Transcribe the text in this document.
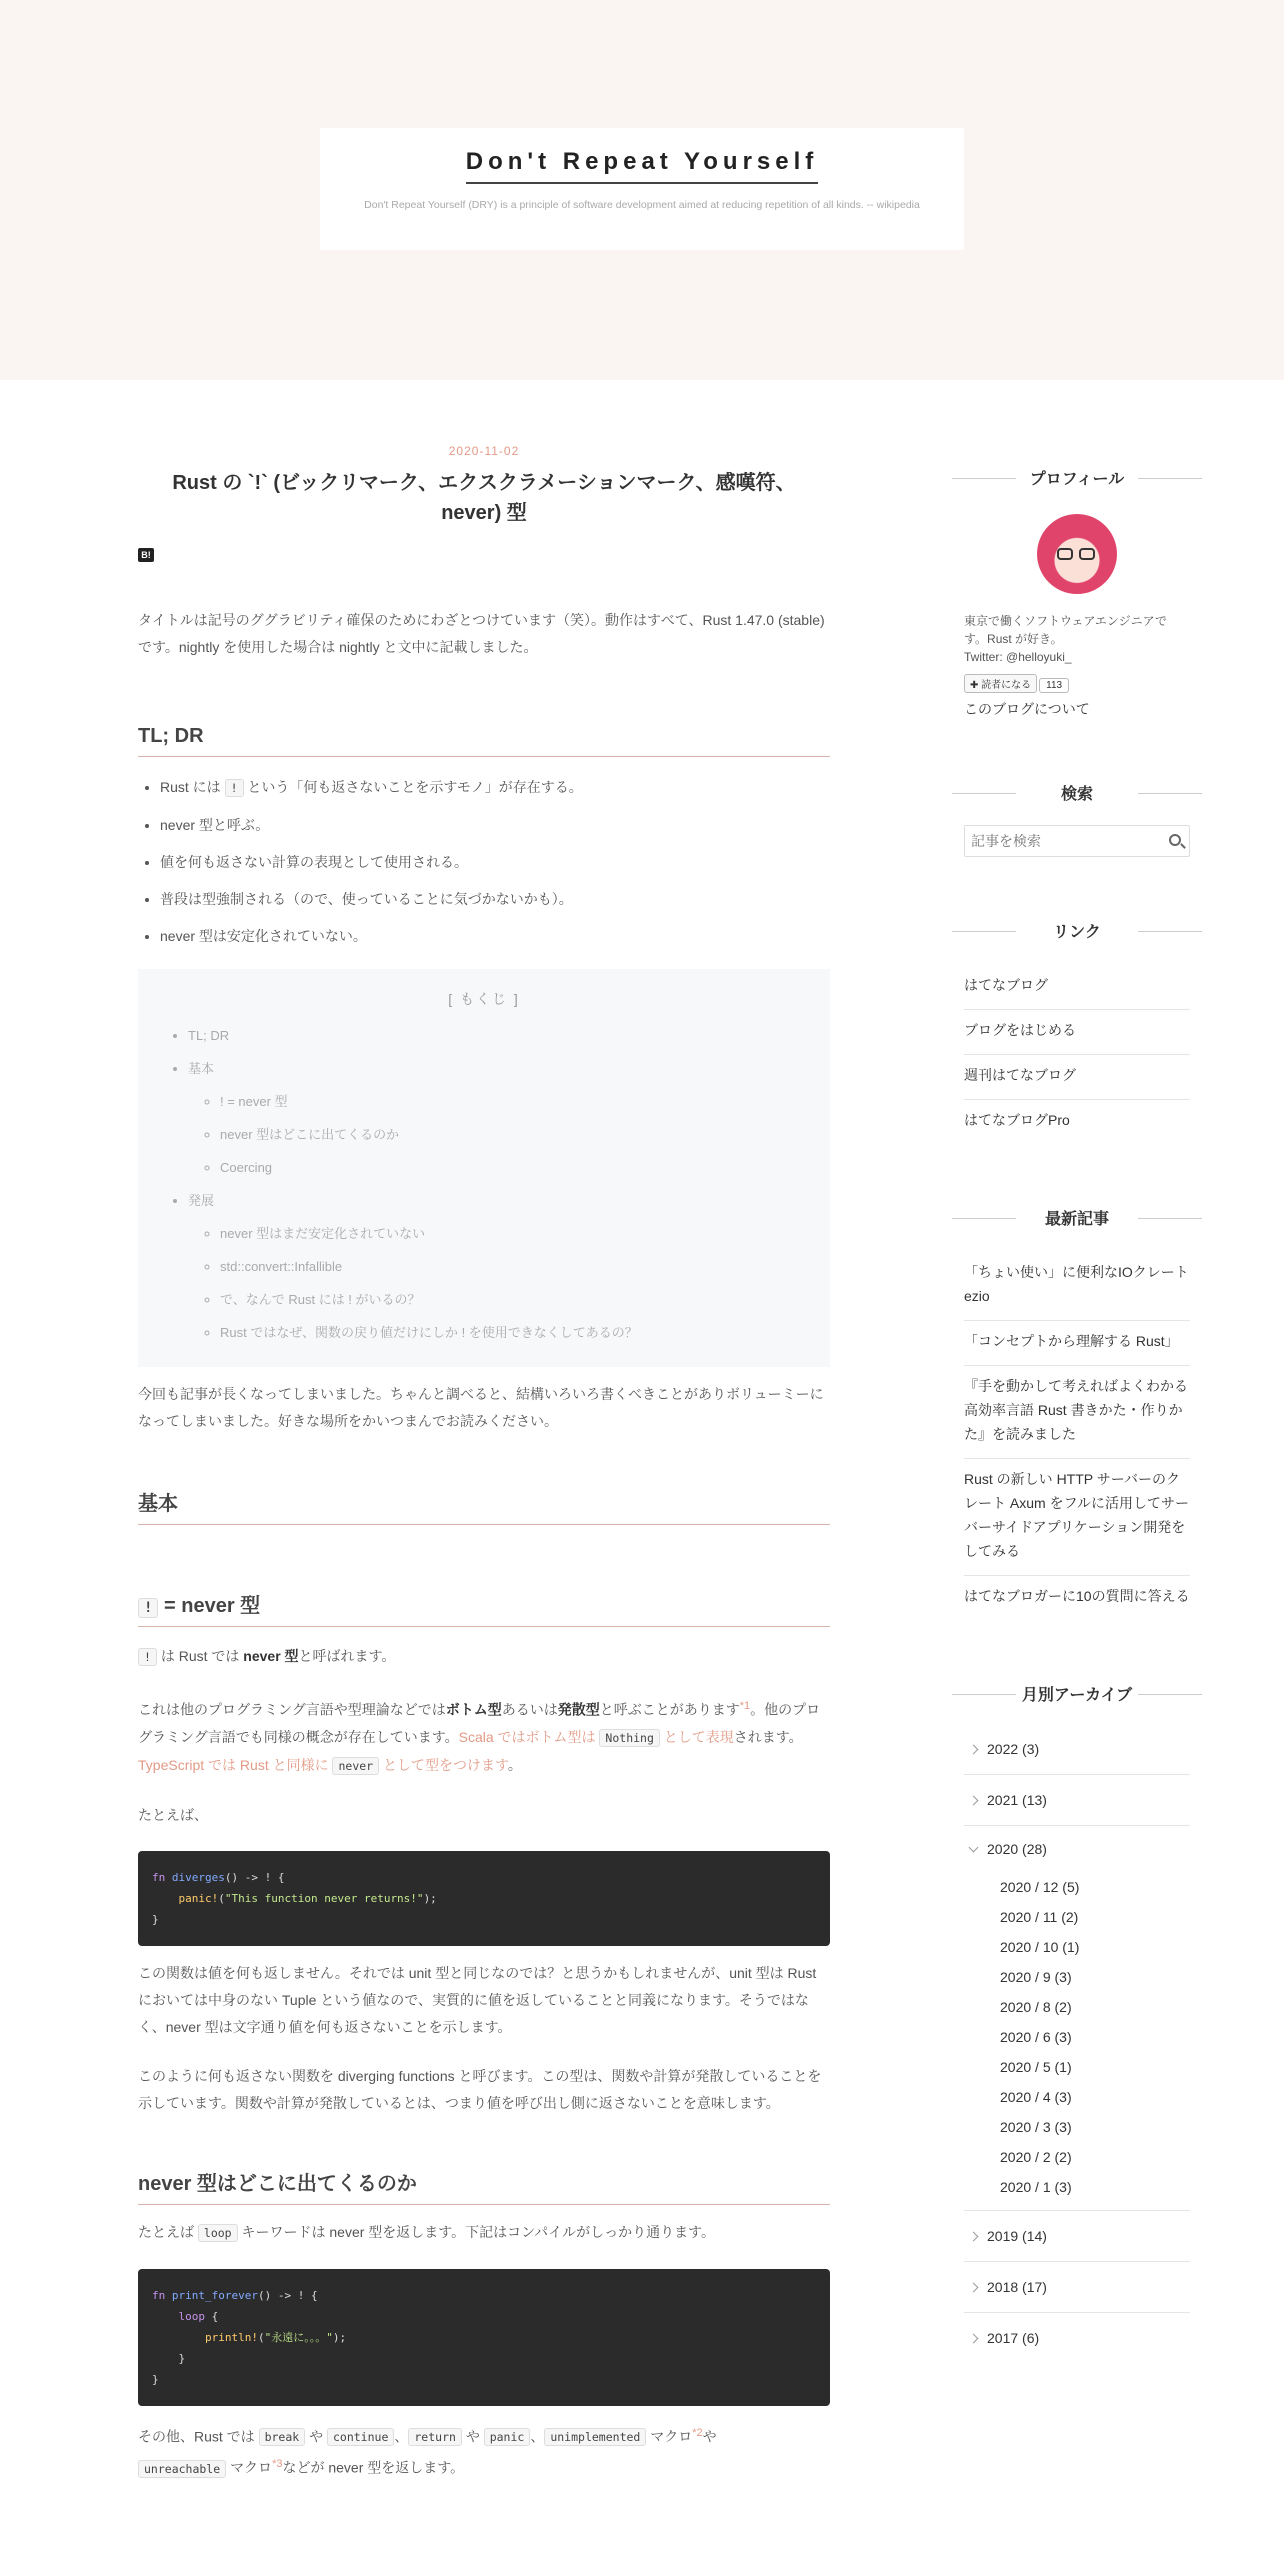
Don't Repeat Yourself
Don't Repeat Yourself (DRY) is a principle of software development aimed at reducing repetition of all kinds. -- wikipedia
2020-11-02
Rust の `!` (ビックリマーク、エクスクラメーションマーク、感嘆符、never) 型
B!

タイトルは記号のググラビリティ確保のためにわざとつけています（笑）。動作はすべて、Rust 1.47.0 (stable) です。nightly を使用した場合は nightly と文中に記載しました。

TL; DR
• Rust には ! という「何も返さないことを示すモノ」が存在する。
• never 型と呼ぶ。
• 値を何も返さない計算の表現として使用される。
• 普段は型強制される（ので、使っていることに気づかないかも）。
• never 型は安定化されていない。
[ もくじ ]
• TL; DR
• 基本
◦ ! = never 型
◦ never 型はどこに出てくるのか
◦ Coercing
• 発展
◦ never 型はまだ安定化されていない
◦ std::convert::Infallible
◦ で、なんで Rust には ! がいるの？
◦ Rust ではなぜ、関数の戻り値だけにしか ! を使用できなくしてあるの？

今回も記事が長くなってしまいました。ちゃんと調べると、結構いろいろ書くべきことがありボリューミーになってしまいました。好きな場所をかいつまんでお読みください。

基本
! = never 型

! は Rust では never 型と呼ばれます。

これは他のプログラミング言語や型理論などではボトム型あるいは発散型と呼ぶことがあります$^{*1}$。他のプログラミング言語でも同様の概念が存在しています。Scala ではボトム型は Nothing として表現されます。TypeScript では Rust と同様に never として型をつけます。

たとえば、

fn diverges() -> ! {
panic!("This function never returns!");
}

この関数は値を何も返しません。それでは unit 型と同じなのでは？と思うかもしれませんが、unit 型は Rust においては中身のない Tuple という値なので、実質的に値を返していることと同義になります。そうではなく、never 型は文字通り値を何も返さないことを示します。

このように何も返さない関数を diverging functions と呼びます。この型は、関数や計算が発散していることを示しています。関数や計算が発散しているとは、つまり値を呼び出し側に返さないことを意味します。

never 型はどこに出てくるのか

たとえば loop キーワードは never 型を返します。下記はコンパイルがしっかり通ります。

fn print_forever() -> ! {
loop {
println!("永遠に。。。");
}
}

その他、Rust では break や continue 、 return や panic 、 unimplemented マクロ$^{*2}$や
unreachable マクロ$^{*3}$などが never 型を返します。

プロフィール
東京で働くソフトウェアエンジニアです。Rust が好き。
Twitter: @helloyuki_
✚ 読者になる 113
このブログについて
検索
記事を検索
リンク
はてなブログ
ブログをはじめる
週刊はてなブログ
はてなブログPro
最新記事
「ちょい使い」に便利なIOクレート ezio
「コンセプトから理解する Rust」
『手を動かして考えればよくわかる 高効率言語 Rust 書きかた・作りかた』を読みました
Rust の新しい HTTP サーバーのクレート Axum をフルに活用してサーバーサイドアプリケーション開発をしてみる
はてなブロガーに10の質問に答える
月別アーカイブ
2022 (3)
2021 (13)
2020 (28)
2020 / 12 (5)
2020 / 11 (2)
2020 / 10 (1)
2020 / 9 (3)
2020 / 8 (2)
2020 / 6 (3)
2020 / 5 (1)
2020 / 4 (3)
2020 / 3 (3)
2020 / 2 (2)
2020 / 1 (3)
2019 (14)
2018 (17)
2017 (6)
